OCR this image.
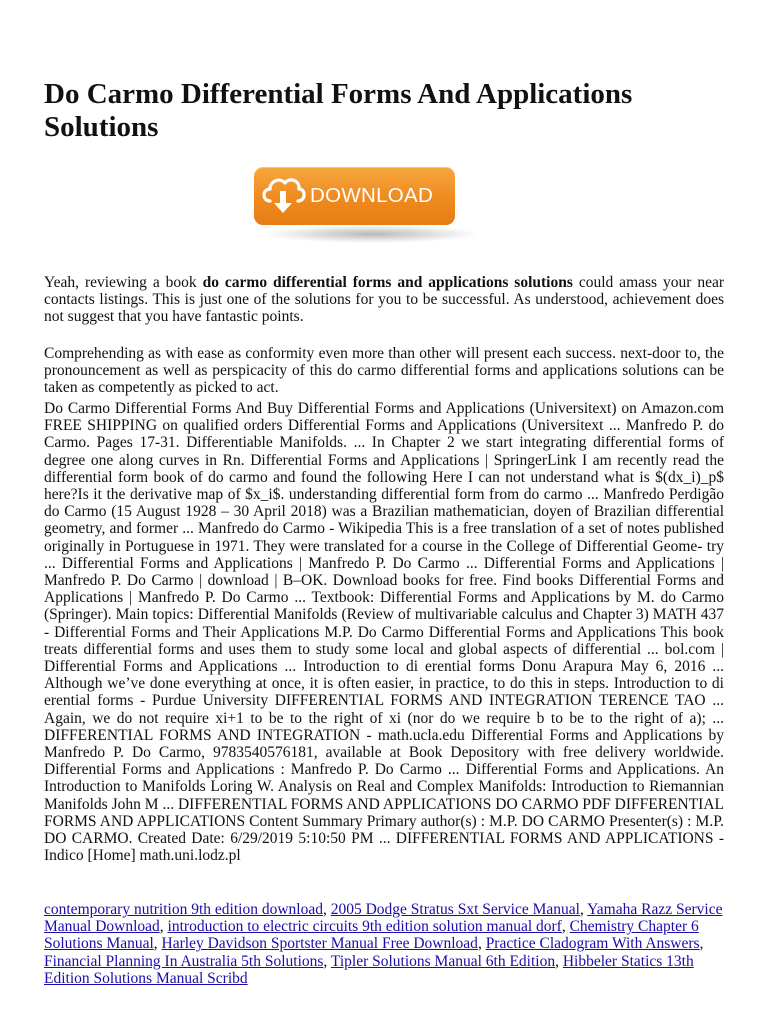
Do Carmo Differential Forms And Applications Solutions
DOWNLOAD

Yeah, reviewing a book do carmo differential forms and applications solutions could amass your near contacts listings. This is just one of the solutions for you to be successful. As understood, achievement does not suggest that you have fantastic points.

Comprehending as with ease as conformity even more than other will present each success. next-door to, the pronouncement as well as perspicacity of this do carmo differential forms and applications solutions can be taken as competently as picked to act.

Do Carmo Differential Forms And Buy Differential Forms and Applications (Universitext) on Amazon.com FREE SHIPPING on qualified orders Differential Forms and Applications (Universitext ... Manfredo P. do Carmo. Pages 17-31. Differentiable Manifolds. ... In Chapter 2 we start integrating differential forms of degree one along curves in Rn. Differential Forms and Applications | SpringerLink I am recently read the differential form book of do carmo and found the following Here I can not understand what is $(dx_i)_p$ here?Is it the derivative map of $x_i$. understanding differential form from do carmo ... Manfredo Perdigão do Carmo (15 August 1928 – 30 April 2018) was a Brazilian mathematician, doyen of Brazilian differential geometry, and former ... Manfredo do Carmo - Wikipedia This is a free translation of a set of notes published originally in Portuguese in 1971. They were translated for a course in the College of Differential Geome- try ... Differential Forms and Applications | Manfredo P. Do Carmo ... Differential Forms and Applications | Manfredo P. Do Carmo | download | B–OK. Download books for free. Find books Differential Forms and Applications | Manfredo P. Do Carmo ... Textbook: Differential Forms and Applications by M. do Carmo (Springer). Main topics: Differential Manifolds (Review of multivariable calculus and Chapter 3) MATH 437 - Differential Forms and Their Applications M.P. Do Carmo Differential Forms and Applications This book treats differential forms and uses them to study some local and global aspects of differential ... bol.com | Differential Forms and Applications ... Introduction to di erential forms Donu Arapura May 6, 2016 ... Although we’ve done everything at once, it is often easier, in practice, to do this in steps. Introduction to di erential forms - Purdue University DIFFERENTIAL FORMS AND INTEGRATION TERENCE TAO ... Again, we do not require xi+1 to be to the right of xi (nor do we require b to be to the right of a); ... DIFFERENTIAL FORMS AND INTEGRATION - math.ucla.edu Differential Forms and Applications by Manfredo P. Do Carmo, 9783540576181, available at Book Depository with free delivery worldwide. Differential Forms and Applications : Manfredo P. Do Carmo ... Differential Forms and Applications. An Introduction to Manifolds Loring W. Analysis on Real and Complex Manifolds: Introduction to Riemannian Manifolds John M ... DIFFERENTIAL FORMS AND APPLICATIONS DO CARMO PDF DIFFERENTIAL FORMS AND APPLICATIONS Content Summary Primary author(s) : M.P. DO CARMO Presenter(s) : M.P. DO CARMO. Created Date: 6/29/2019 5:10:50 PM ... DIFFERENTIAL FORMS AND APPLICATIONS - Indico [Home] math.uni.lodz.pl

contemporary nutrition 9th edition download, 2005 Dodge Stratus Sxt Service Manual, Yamaha Razz Service Manual Download, introduction to electric circuits 9th edition solution manual dorf, Chemistry Chapter 6 Solutions Manual, Harley Davidson Sportster Manual Free Download, Practice Cladogram With Answers, Financial Planning In Australia 5th Solutions, Tipler Solutions Manual 6th Edition, Hibbeler Statics 13th Edition Solutions Manual Scribd
